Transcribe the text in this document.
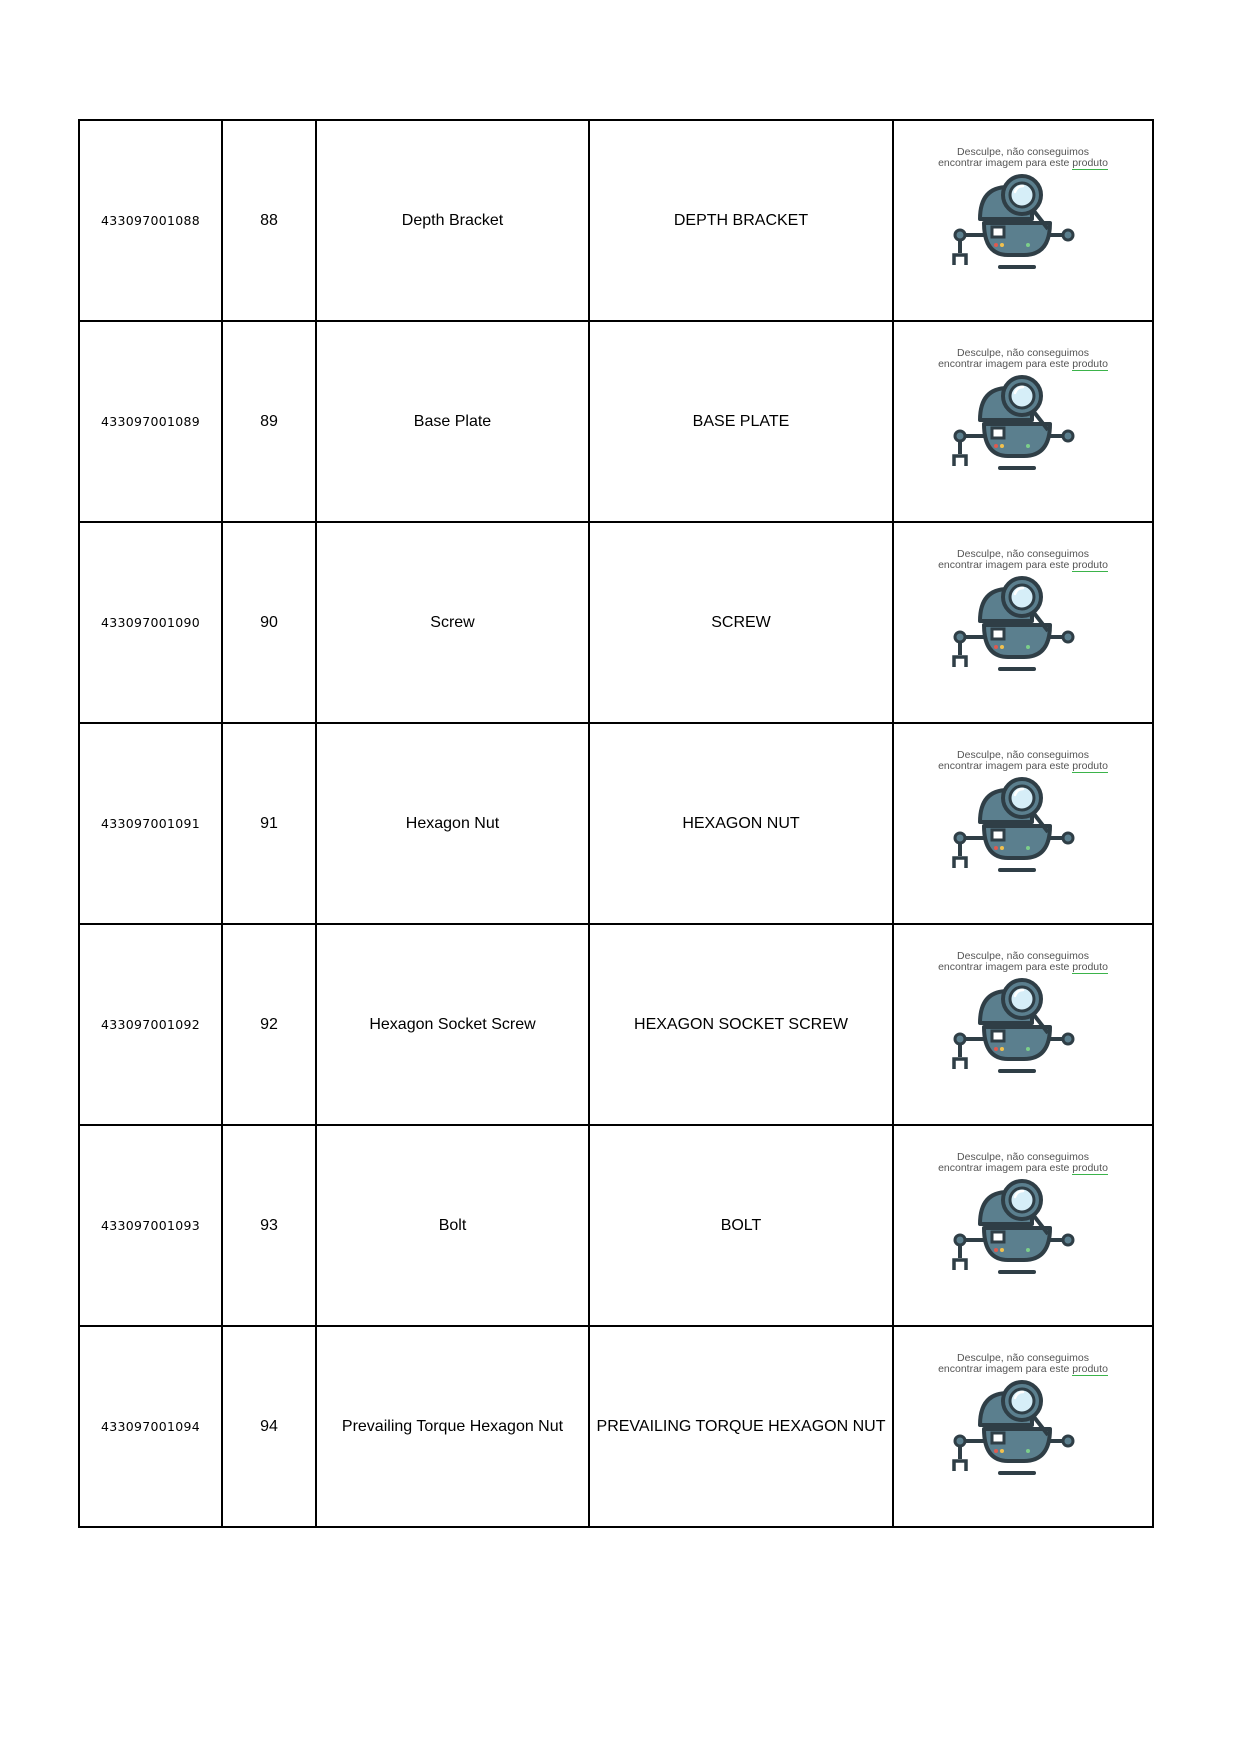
433097001088	88	Depth Bracket	DEPTH BRACKET	Desculpe, não conseguimos
encontrar imagem para este produto

433097001089	89	Base Plate	BASE PLATE	Desculpe, não conseguimos
encontrar imagem para este produto

433097001090	90	Screw	SCREW	Desculpe, não conseguimos
encontrar imagem para este produto

433097001091	91	Hexagon Nut	HEXAGON NUT	Desculpe, não conseguimos
encontrar imagem para este produto

433097001092	92	Hexagon Socket Screw	HEXAGON SOCKET SCREW	Desculpe, não conseguimos
encontrar imagem para este produto

433097001093	93	Bolt	BOLT	Desculpe, não conseguimos
encontrar imagem para este produto

433097001094	94	Prevailing Torque Hexagon Nut	PREVAILING TORQUE HEXAGON NUT	Desculpe, não conseguimos
encontrar imagem para este produto
